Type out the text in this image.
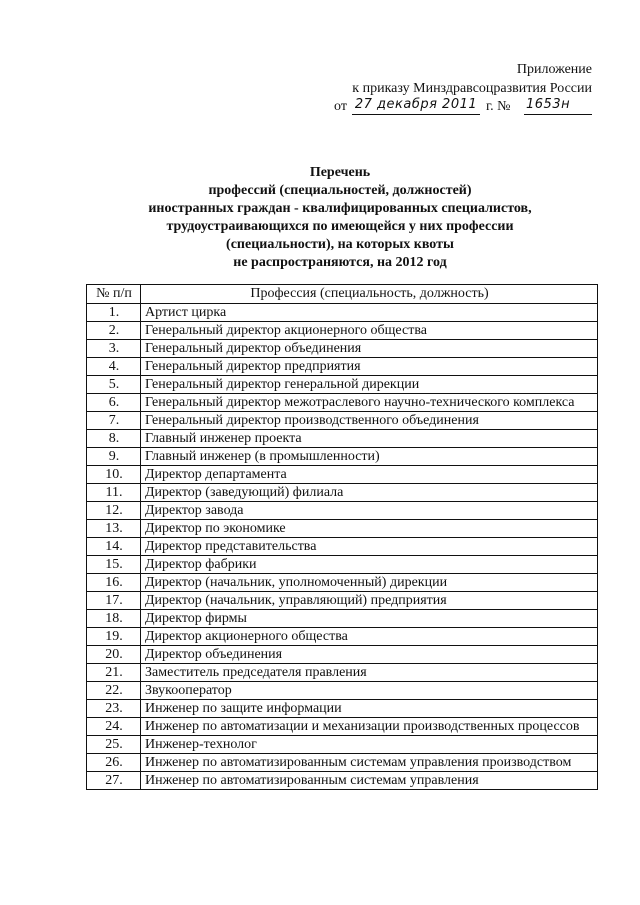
Приложение
к приказу Минздравсоцразвития России
от 27 декабря 2011 г. № 1653н
Перечень
профессий (специальностей, должностей)
иностранных граждан - квалифицированных специалистов,
трудоустраивающихся по имеющейся у них профессии
(специальности), на которых квоты
не распространяются, на 2012 год
№ п/п	Профессия (специальность, должность)
1.	Артист цирка
2.	Генеральный директор акционерного общества
3.	Генеральный директор объединения
4.	Генеральный директор предприятия
5.	Генеральный директор генеральной дирекции
6.	Генеральный директор межотраслевого научно-технического комплекса
7.	Генеральный директор производственного объединения
8.	Главный инженер проекта
9.	Главный инженер (в промышленности)
10.	Директор департамента
11.	Директор (заведующий) филиала
12.	Директор завода
13.	Директор по экономике
14.	Директор представительства
15.	Директор фабрики
16.	Директор (начальник, уполномоченный) дирекции
17.	Директор (начальник, управляющий) предприятия
18.	Директор фирмы
19.	Директор акционерного общества
20.	Директор объединения
21.	Заместитель председателя правления
22.	Звукооператор
23.	Инженер по защите информации
24.	Инженер по автоматизации и механизации производственных процессов
25.	Инженер-технолог
26.	Инженер по автоматизированным системам управления производством
27.	Инженер по автоматизированным системам управления
